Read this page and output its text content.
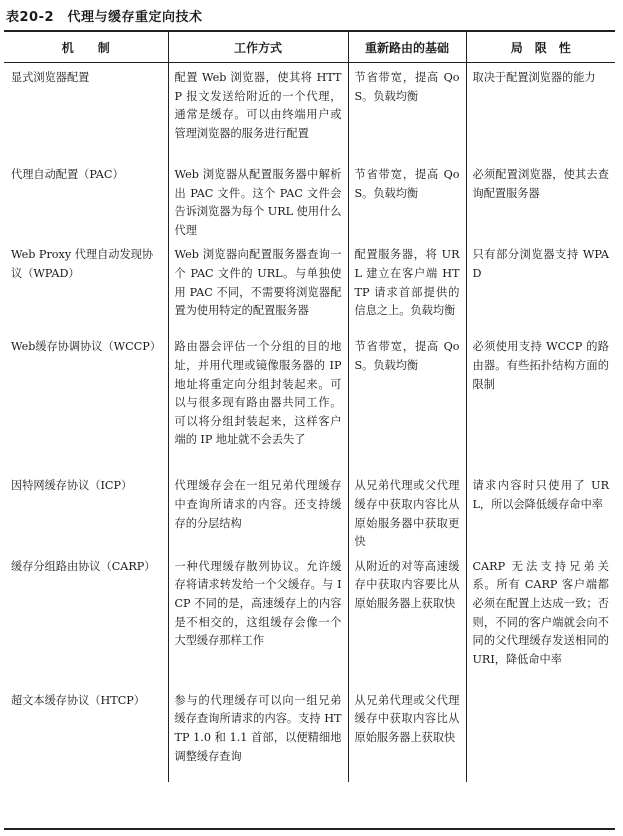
表20-2　代理与缓存重定向技术
机　　制	工作方式	重新路由的基础	局　限　性
显式浏览器配置	配置 Web 浏览器，使其将 HTTP 报文发送给附近的一个代理，通常是缓存。可以由终端用户或管理浏览器的服务进行配置	节省带宽，提高 QoS。负载均衡	取决于配置浏览器的能力
代理自动配置（PAC）	Web 浏览器从配置服务器中解析出 PAC 文件。这个 PAC 文件会告诉浏览器为每个 URL 使用什么代理	节省带宽，提高 QoS。负载均衡	必须配置浏览器，使其去查询配置服务器
Web Proxy 代理自动发现协议（WPAD）	Web 浏览器向配置服务器查询一个 PAC 文件的 URL。与单独使用 PAC 不同，不需要将浏览器配置为使用特定的配置服务器	配置服务器，将 URL 建立在客户端 HTTP 请求首部提供的信息之上。负载均衡	只有部分浏览器支持 WPAD
Web缓存协调协议（WCCP）	路由器会评估一个分组的目的地址，并用代理或镜像服务器的 IP 地址将重定向分组封装起来。可以与很多现有路由器共同工作。可以将分组封装起来，这样客户端的 IP 地址就不会丢失了	节省带宽，提高 QoS。负载均衡	必须使用支持 WCCP 的路由器。有些拓扑结构方面的限制
因特网缓存协议（ICP）	代理缓存会在一组兄弟代理缓存中查询所请求的内容。还支持缓存的分层结构	从兄弟代理或父代理缓存中获取内容比从原始服务器中获取更快	请求内容时只使用了 URL，所以会降低缓存命中率
缓存分组路由协议（CARP）	一种代理缓存散列协议。允许缓存将请求转发给一个父缓存。与 ICP 不同的是，高速缓存上的内容是不相交的，这组缓存会像一个大型缓存那样工作	从附近的对等高速缓存中获取内容要比从原始服务器上获取快	CARP 无法支持兄弟关系。所有 CARP 客户端都必须在配置上达成一致；否则，不同的客户端就会向不同的父代理缓存发送相同的 URI，降低命中率
超文本缓存协议（HTCP）	参与的代理缓存可以向一组兄弟缓存查询所请求的内容。支持 HTTP 1.0 和 1.1 首部，以便精细地调整缓存查询	从兄弟代理或父代理缓存中获取内容比从原始服务器上获取快	
